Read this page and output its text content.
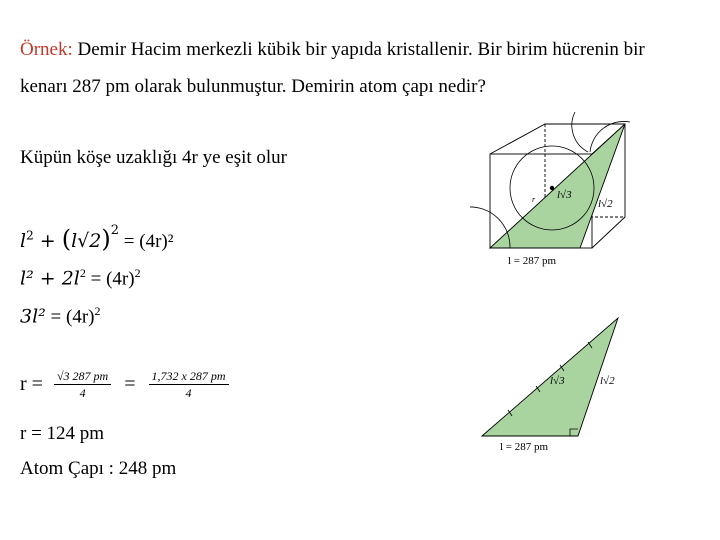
Örnek: Demir Hacim merkezli kübik bir yapıda kristallenir. Bir birim hücrenin bir
kenarı 287 pm olarak bulunmuştur. Demirin atom çapı nedir?
Küpün köşe uzaklığı 4r ye eşit olur
$l^2 + (l√2)^2 = (4r)^2$
$l^2 + 2l^2 = (4r)^2$
$3l^2 = (4r)^2$
$r = \frac{√3 287 pm}{4} = \frac{1,732 x 287 pm}{4}$
r = 124 pm
Atom Çapı : 248 pm
l√3
l√2
r
l = 287 pm
l√3	l√2
l = 287 pm
